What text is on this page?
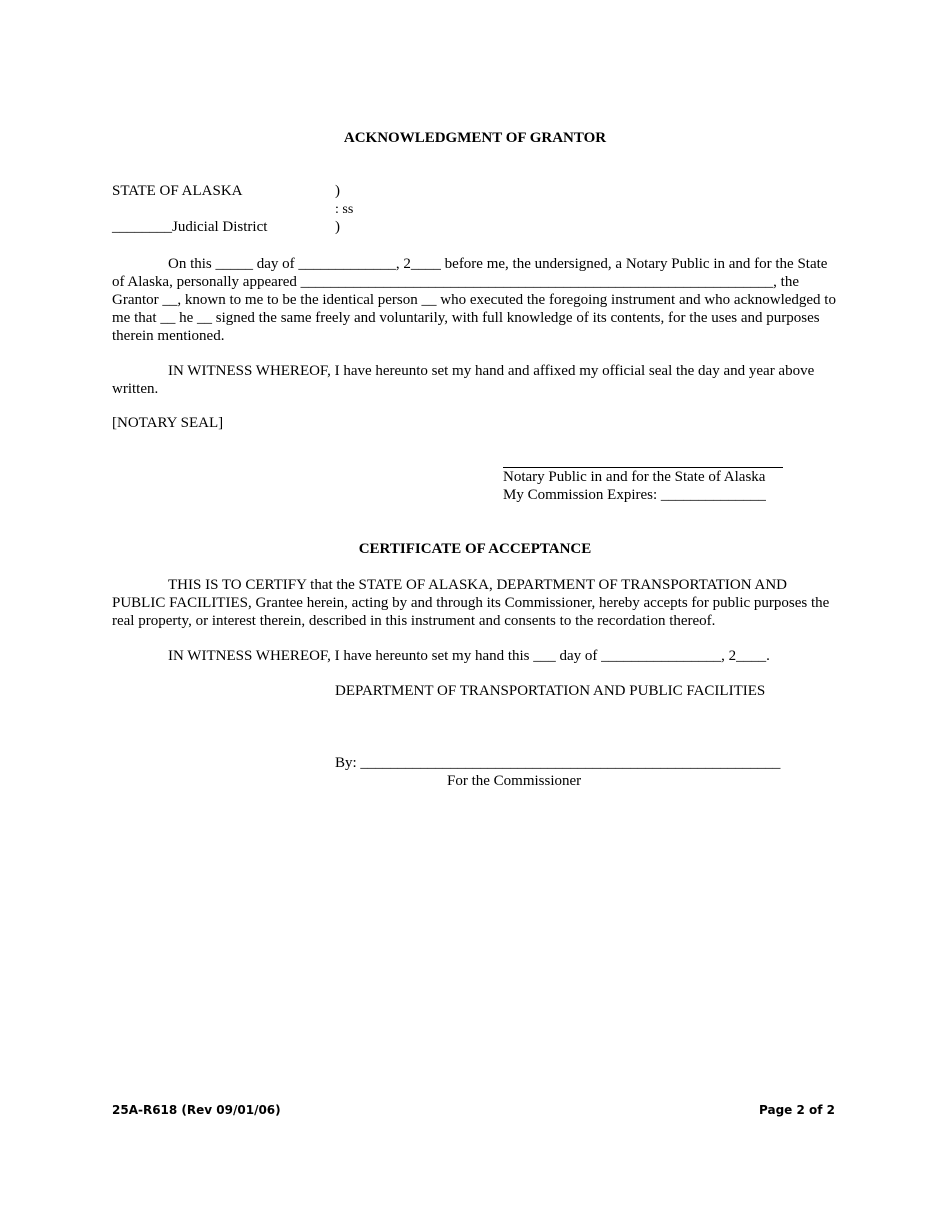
ACKNOWLEDGMENT OF GRANTOR
STATE OF ALASKA	)
: ss
________Judicial District	)
On this _____ day of _____________, 2____ before me, the undersigned, a Notary Public in and for the State of Alaska, personally appeared _______________________________________________________________, the Grantor __, known to me to be the identical person __ who executed the foregoing instrument and who acknowledged to me that __ he __ signed the same freely and voluntarily, with full knowledge of its contents, for the uses and purposes therein mentioned.
IN WITNESS WHEREOF, I have hereunto set my hand and affixed my official seal the day and year above written.
[NOTARY SEAL]
Notary Public in and for the State of Alaska
My Commission Expires: ______________
CERTIFICATE OF ACCEPTANCE
THIS IS TO CERTIFY that the STATE OF ALASKA, DEPARTMENT OF TRANSPORTATION AND PUBLIC FACILITIES, Grantee herein, acting by and through its Commissioner, hereby accepts for public purposes the real property, or interest therein, described in this instrument and consents to the recordation thereof.
IN WITNESS WHEREOF, I have hereunto set my hand this ___ day of ________________, 2____.
DEPARTMENT OF TRANSPORTATION AND PUBLIC FACILITIES
By: ________________________________________________________
For the Commissioner
25A-R618 (Rev 09/01/06)	Page 2 of 2
